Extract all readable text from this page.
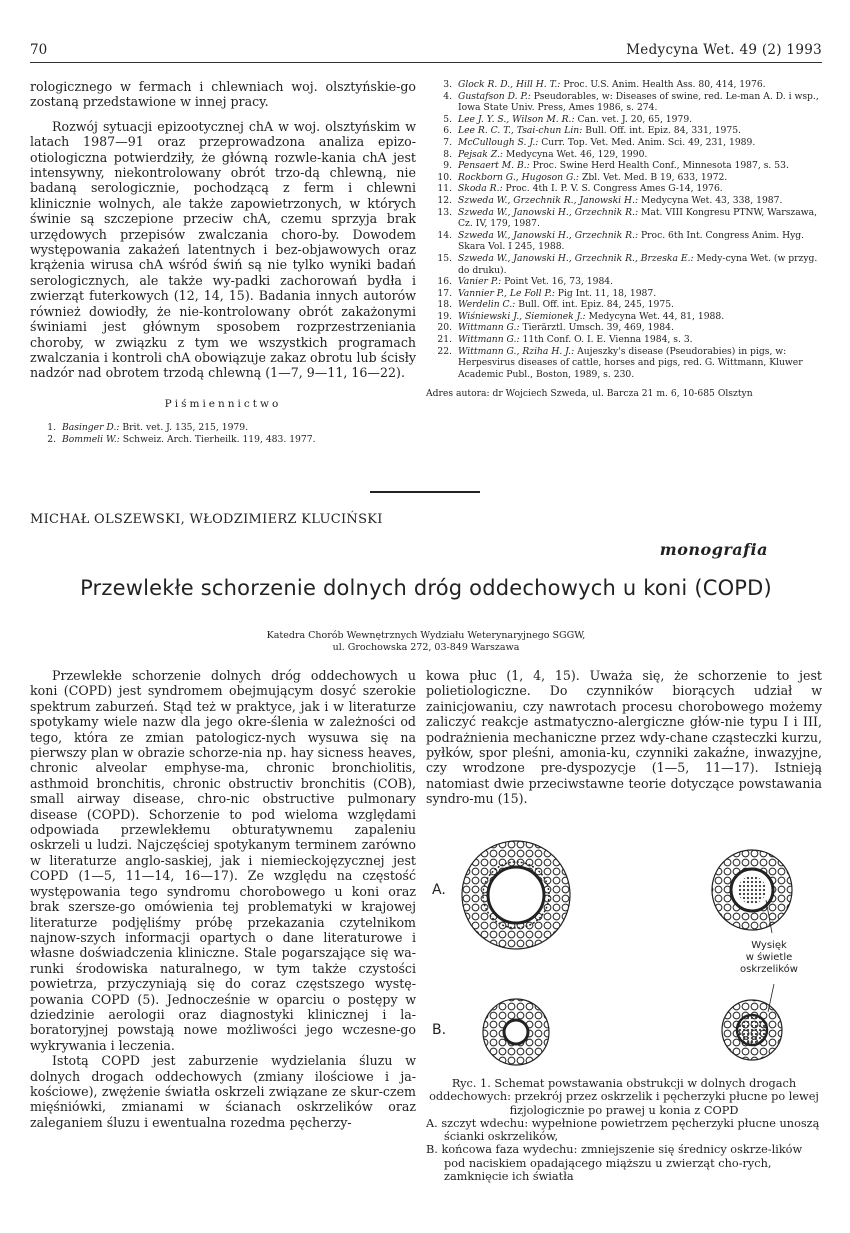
70	Medycyna Wet. 49 (2) 1993

rologicznego w fermach i chlewniach woj. olsztyńskie-go zostaną przedstawione w innej pracy.

Rozwój sytuacji epizootycznej chA w woj. olsztyńskim w latach 1987—91 oraz przeprowadzona analiza epizo-otiologiczna potwierdziły, że główną rozwle-kania chA jest intensywny, niekontrolowany obrót trzo-dą chlewną, nie badaną serologicznie, pochodzącą z ferm i chlewni klinicznie wolnych, ale także zapowietrzonych, w których świnie są szczepione przeciw chA, czemu sprzyja brak urzędowych przepisów zwalczania choro-by. Dowodem występowania zakażeń latentnych i bez-objawowych oraz krążenia wirusa chA wśród świń są nie tylko wyniki badań serologicznych, ale także wy-padki zachorowań bydła i zwierząt futerkowych (12, 14, 15). Badania innych autorów również dowiodły, że nie-kontrolowany obrót zakażonymi świniami jest głównym sposobem rozprzestrzeniania choroby, w związku z tym we wszystkich programach zwalczania i kontroli chA obowiązuje zakaz obrotu lub ścisły nadzór nad obrotem trzodą chlewną (1—7, 9—11, 16—22).

Piśmiennictwo
1. Basinger D.: Brit. vet. J. 135, 215, 1979.
2. Bommeli W.: Schweiz. Arch. Tierheilk. 119, 483. 1977.
3. Glock R. D., Hill H. T.: Proc. U.S. Anim. Health Ass. 80, 414, 1976.
4. Gustafson D. P.: Pseudorables, w: Diseases of swine, red. Le-man A. D. i wsp., Iowa State Univ. Press, Ames 1986, s. 274.
5. Lee J. Y. S., Wilson M. R.: Can. vet. J. 20, 65, 1979.
6. Lee R. C. T., Tsai-chun Lin: Bull. Off. int. Epiz. 84, 331, 1975.
7. McCullough S. J.: Curr. Top. Vet. Med. Anim. Sci. 49, 231, 1989.
8. Pejsak Z.: Medycyna Wet. 46, 129, 1990.
9. Pensaert M. B.: Proc. Swine Herd Health Conf., Minnesota 1987, s. 53.
10. Rockborn G., Hugoson G.: Zbl. Vet. Med. B 19, 633, 1972.
11. Skoda R.: Proc. 4th I. P. V. S. Congress Ames G-14, 1976.
12. Szweda W., Grzechnik R., Janowski H.: Medycyna Wet. 43, 338, 1987.
13. Szweda W., Janowski H., Grzechnik R.: Mat. VIII Kongresu PTNW, Warszawa, Cz. IV, 179, 1987.
14. Szweda W., Janowski H., Grzechnik R.: Proc. 6th Int. Congress Anim. Hyg. Skara Vol. I 245, 1988.
15. Szweda W., Janowski H., Grzechnik R., Brzeska E.: Medy-cyna Wet. (w przyg. do druku).
16. Vanier P.: Point Vet. 16, 73, 1984.
17. Vannier P., Le Foll P.: Pig Int. 11, 18, 1987.
18. Werdelin C.: Bull. Off. int. Epiz. 84, 245, 1975.
19. Wiśniewski J., Siemionek J.: Medycyna Wet. 44, 81, 1988.
20. Wittmann G.: Tierärztl. Umsch. 39, 469, 1984.
21. Wittmann G.: 11th Conf. O. I. E. Vienna 1984, s. 3.
22. Wittmann G., Rziha H. J.: Aujeszky's disease (Pseudorabies) in pigs, w: Herpesvirus diseases of cattle, horses and pigs, red. G. Wittmann, Kluwer Academic Publ., Boston, 1989, s. 230.
Adres autora: dr Wojciech Szweda, ul. Barcza 21 m. 6, 10-685 Olsztyn
MICHAŁ OLSZEWSKI, WŁODZIMIERZ KLUCIŃSKI
monografia
Przewlekłe schorzenie dolnych dróg oddechowych u koni (COPD)
Katedra Chorób Wewnętrznych Wydziału Weterynaryjnego SGGW,
ul. Grochowska 272, 03-849 Warszawa

Przewlekłe schorzenie dolnych dróg oddechowych u koni (COPD) jest syndromem obejmującym dosyć szerokie spektrum zaburzeń. Stąd też w praktyce, jak i w literaturze spotykamy wiele nazw dla jego okre-ślenia w zależności od tego, która ze zmian patologicz-nych wysuwa się na pierwszy plan w obrazie schorze-nia np. hay siсness heaves, chronic alveolar emphyse-ma, chronic bronchiolitis, asthmoid bronchitis, chronic obstructiv bronchitis (COB), small airway disease, chro-nic obstructive pulmonary disease (COPD). Schorzenie to pod wieloma względami odpowiada przewlekłemu obturatywnemu zapaleniu oskrzeli u ludzi. Najczęściej spotykanym terminem zarówno w literaturze anglo-saskiej, jak i niemieckojęzycznej jest COPD (1—5, 11—14, 16—17). Ze względu na częstość występowania tego syndromu chorobowego u koni oraz brak szersze-go omówienia tej problematyki w krajowej literaturze podjęliśmy próbę przekazania czytelnikom najnow-szych informacji opartych o dane literaturowe i własne doświadczenia kliniczne. Stale pogarszające się wa-runki środowiska naturalnego, w tym także czystości powietrza, przyczyniają się do coraz częstszego wystę-powania COPD (5). Jednocześnie w oparciu o postępy w dziedzinie aerologii oraz diagnostyki klinicznej i la-boratoryjnej powstają nowe możliwości jego wczesne-go wykrywania i leczenia.

Istotą COPD jest zaburzenie wydzielania śluzu w dolnych drogach oddechowych (zmiany ilościowe i ja-kościowe), zwężenie światła oskrzeli związane ze skur-czem mięśniówki, zmianami w ścianach oskrzelików oraz zaleganiem śluzu i ewentualna rozedma pęcherzy-

kowa płuc (1, 4, 15). Uważa się, że schorzenie to jest polietiologiczne. Do czynników biorących udział w zainicjowaniu, czy nawrotach procesu chorobowego możemy zaliczyć reakcje astmatyczno-alergiczne głów-nie typu I i III, podrażnienia mechaniczne przez wdy-chane cząsteczki kurzu, pyłków, spor pleśni, amonia-ku, czynniki zakaźne, inwazyjne, czy wrodzone pre-dyspozycje (1—5, 11—17). Istnieją natomiast dwie przeciwstawne teorie dotyczące powstawania syndro-mu (15).

A.
B.
Wysięk
w świetle
oskrzelików

Ryc. 1. Schemat powstawania obstrukcji w dolnych drogach oddechowych: przekrój przez oskrzelik i pęcherzyki płucne po lewej fizjologicznie po prawej u konia z COPD

A. szczyt wdechu: wypełnione powietrzem pęcherzyki płucne unoszą ścianki oskrzelików,

B. końcowa faza wydechu: zmniejszenie się średnicy oskrze-lików pod naciskiem opadającego miąższu u zwierząt cho-rych, zamknięcie ich światła
